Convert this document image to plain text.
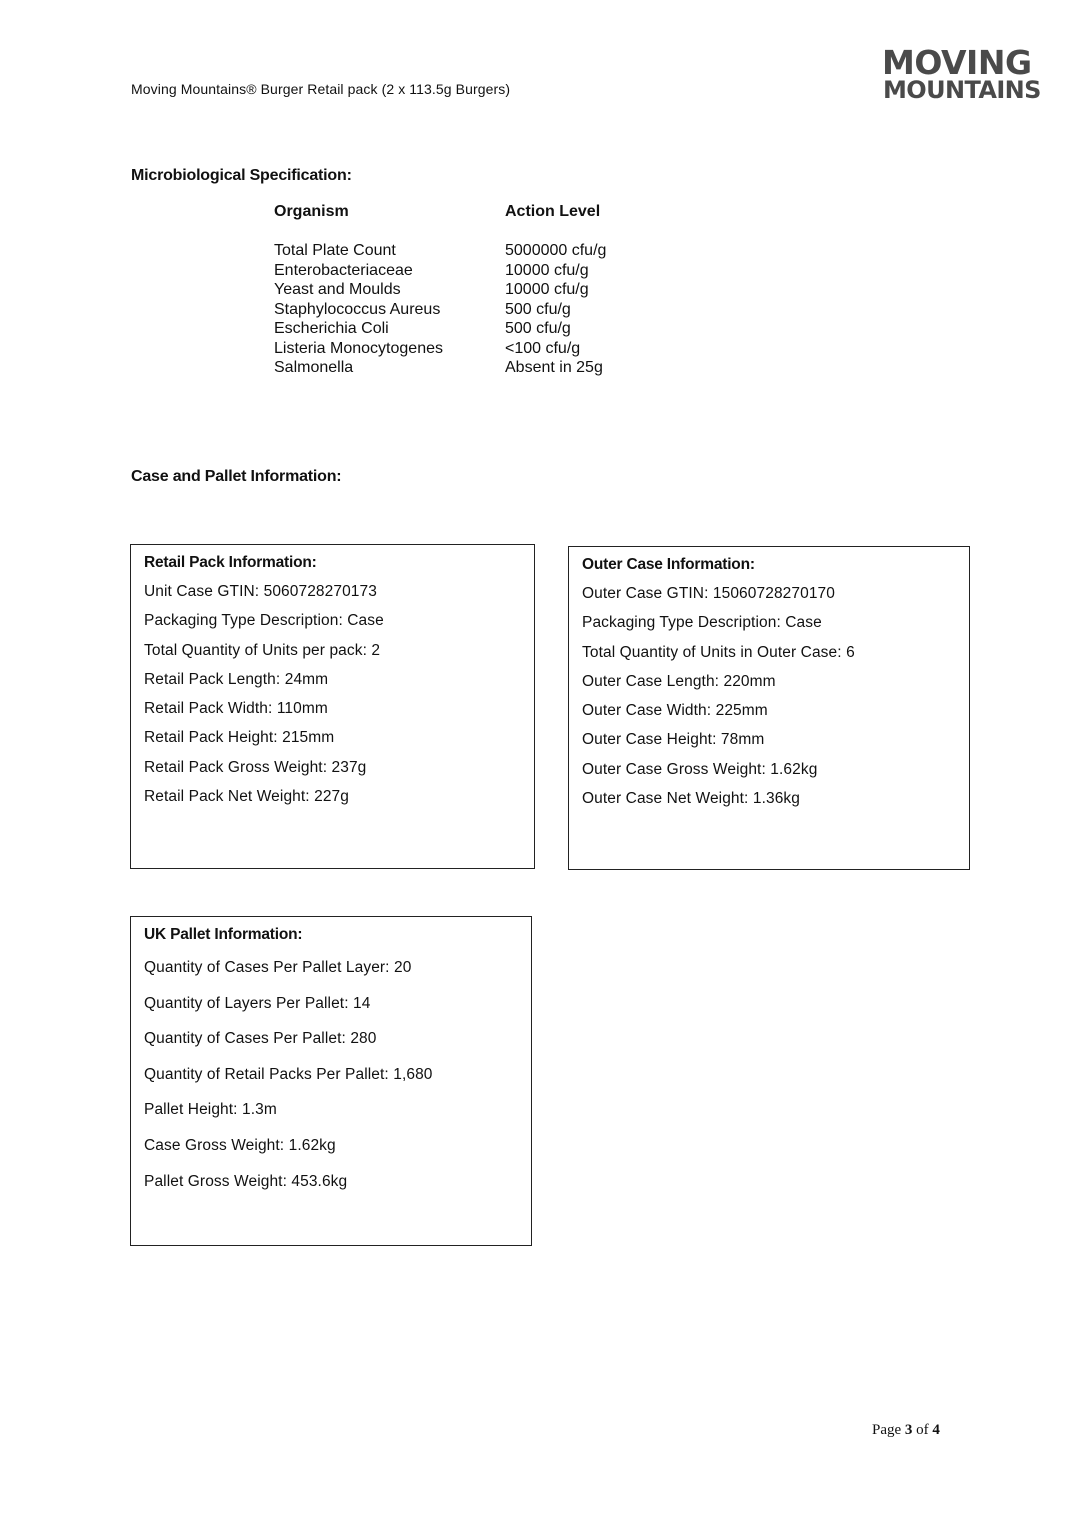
Moving Mountains® Burger Retail pack (2 x 113.5g Burgers)
MOVING
MOUNTAINS
Microbiological Specification:
Organism	Action Level
Total Plate Count	5000000 cfu/g
Enterobacteriaceae	10000 cfu/g
Yeast and Moulds	10000 cfu/g
Staphylococcus Aureus	500 cfu/g
Escherichia Coli	500 cfu/g
Listeria Monocytogenes	<100 cfu/g
Salmonella	Absent in 25g
Case and Pallet Information:
Retail Pack Information:
Unit Case GTIN: 5060728270173
Packaging Type Description: Case
Total Quantity of Units per pack: 2
Retail Pack Length: 24mm
Retail Pack Width: 110mm
Retail Pack Height: 215mm
Retail Pack Gross Weight: 237g
Retail Pack Net Weight: 227g
Outer Case Information:
Outer Case GTIN: 15060728270170
Packaging Type Description: Case
Total Quantity of Units in Outer Case: 6
Outer Case Length: 220mm
Outer Case Width: 225mm
Outer Case Height: 78mm
Outer Case Gross Weight: 1.62kg
Outer Case Net Weight: 1.36kg
UK Pallet Information:
Quantity of Cases Per Pallet Layer: 20
Quantity of Layers Per Pallet: 14
Quantity of Cases Per Pallet: 280
Quantity of Retail Packs Per Pallet: 1,680
Pallet Height: 1.3m
Case Gross Weight: 1.62kg
Pallet Gross Weight: 453.6kg
Page 3 of 4
